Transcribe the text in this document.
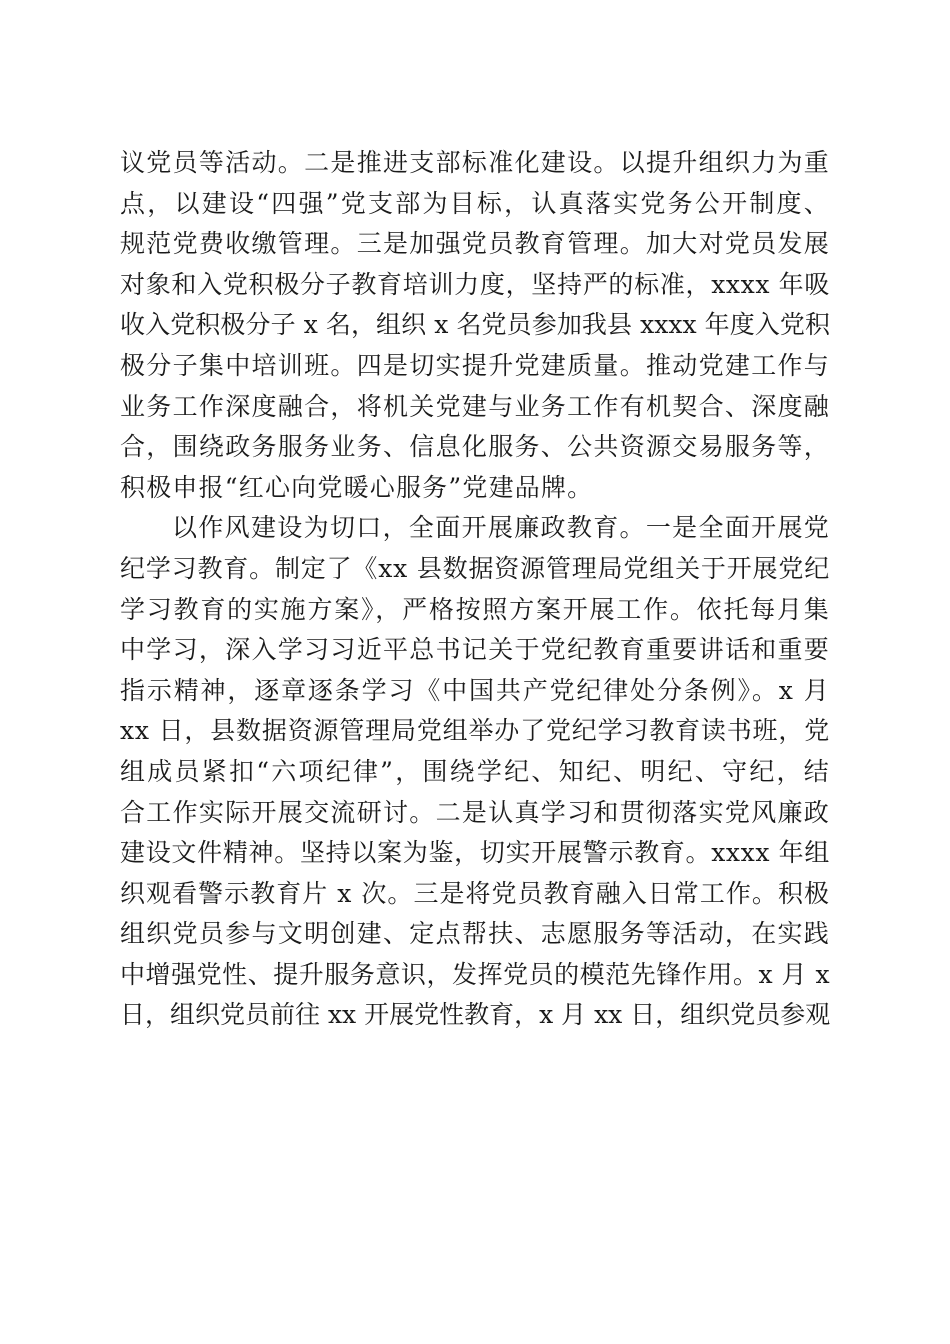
议党员等活动。二是推进支部标准化建设。以提升组织力为重
点，以建设“四强”党支部为目标，认真落实党务公开制度、
规范党费收缴管理。三是加强党员教育管理。加大对党员发展
对象和入党积极分子教育培训力度，坚持严的标准，xxxx 年吸
收入党积极分子 x 名，组织 x 名党员参加我县 xxxx 年度入党积
极分子集中培训班。四是切实提升党建质量。推动党建工作与
业务工作深度融合，将机关党建与业务工作有机契合、深度融
合，围绕政务服务业务、信息化服务、公共资源交易服务等，
积极申报“红心向党暖心服务”党建品牌。
以作风建设为切口，全面开展廉政教育。一是全面开展党
纪学习教育。制定了《xx 县数据资源管理局党组关于开展党纪
学习教育的实施方案》，严格按照方案开展工作。依托每月集
中学习，深入学习习近平总书记关于党纪教育重要讲话和重要
指示精神，逐章逐条学习《中国共产党纪律处分条例》。x 月
xx 日，县数据资源管理局党组举办了党纪学习教育读书班，党
组成员紧扣“六项纪律”，围绕学纪、知纪、明纪、守纪，结
合工作实际开展交流研讨。二是认真学习和贯彻落实党风廉政
建设文件精神。坚持以案为鉴，切实开展警示教育。xxxx 年组
织观看警示教育片 x 次。三是将党员教育融入日常工作。积极
组织党员参与文明创建、定点帮扶、志愿服务等活动，在实践
中增强党性、提升服务意识，发挥党员的模范先锋作用。x 月 x
日，组织党员前往 xx 开展党性教育，x 月 xx 日，组织党员参观
